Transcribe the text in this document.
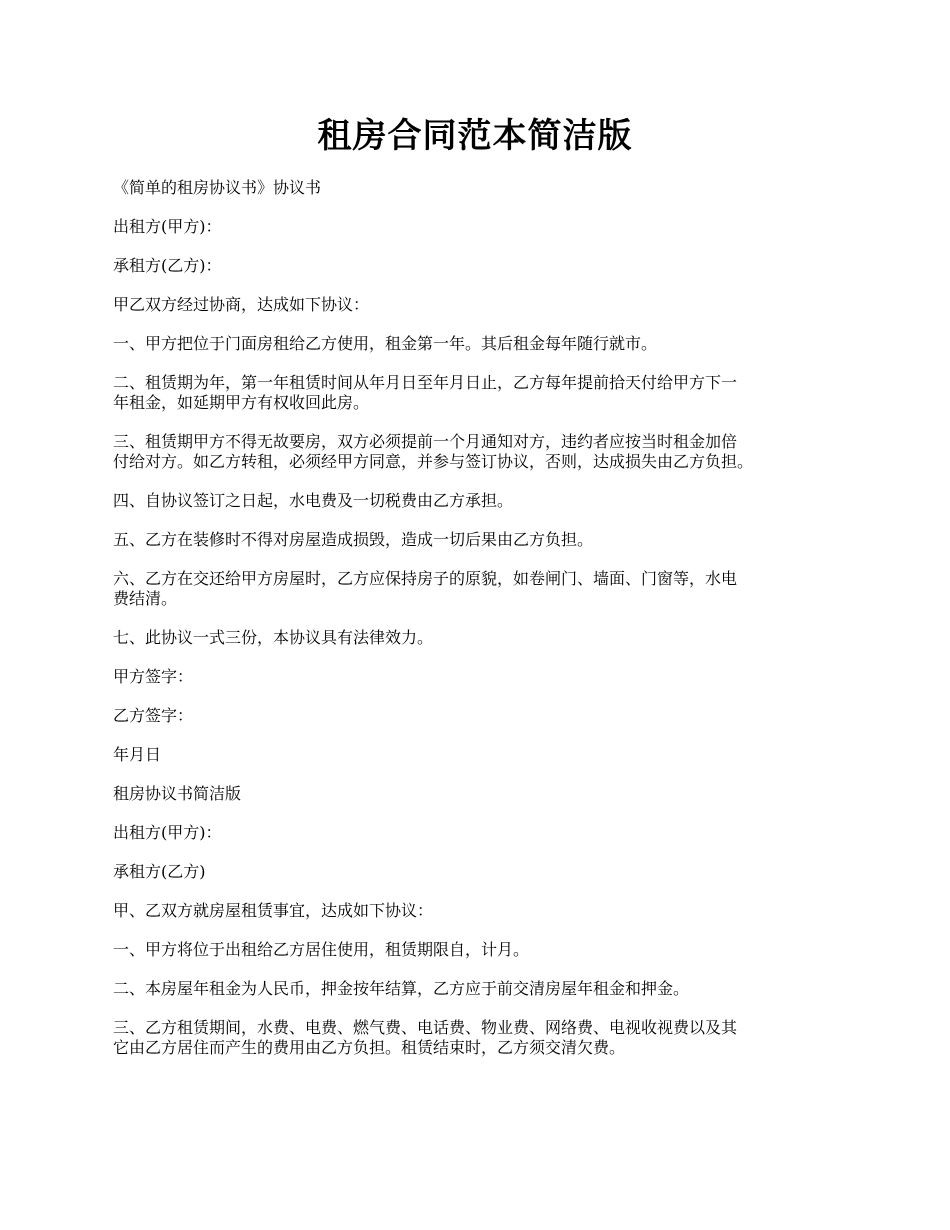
租房合同范本简洁版

《简单的租房协议书》协议书

出租方(甲方)：

承租方(乙方)：

甲乙双方经过协商，达成如下协议：

一、甲方把位于门面房租给乙方使用，租金第一年。其后租金每年随行就市。

二、租赁期为年，第一年租赁时间从年月日至年月日止，乙方每年提前拾天付给甲方下一
年租金，如延期甲方有权收回此房。

三、租赁期甲方不得无故要房，双方必须提前一个月通知对方，违约者应按当时租金加倍
付给对方。如乙方转租，必须经甲方同意，并参与签订协议，否则，达成损失由乙方负担。

四、自协议签订之日起，水电费及一切税费由乙方承担。

五、乙方在装修时不得对房屋造成损毁，造成一切后果由乙方负担。

六、乙方在交还给甲方房屋时，乙方应保持房子的原貌，如卷闸门、墙面、门窗等，水电
费结清。

七、此协议一式三份，本协议具有法律效力。

甲方签字：

乙方签字：

年月日

租房协议书简洁版

出租方(甲方)：

承租方(乙方)

甲、乙双方就房屋租赁事宜，达成如下协议：

一、甲方将位于出租给乙方居住使用，租赁期限自，计月。

二、本房屋年租金为人民币，押金按年结算，乙方应于前交清房屋年租金和押金。

三、乙方租赁期间，水费、电费、燃气费、电话费、物业费、网络费、电视收视费以及其
它由乙方居住而产生的费用由乙方负担。租赁结束时，乙方须交清欠费。
